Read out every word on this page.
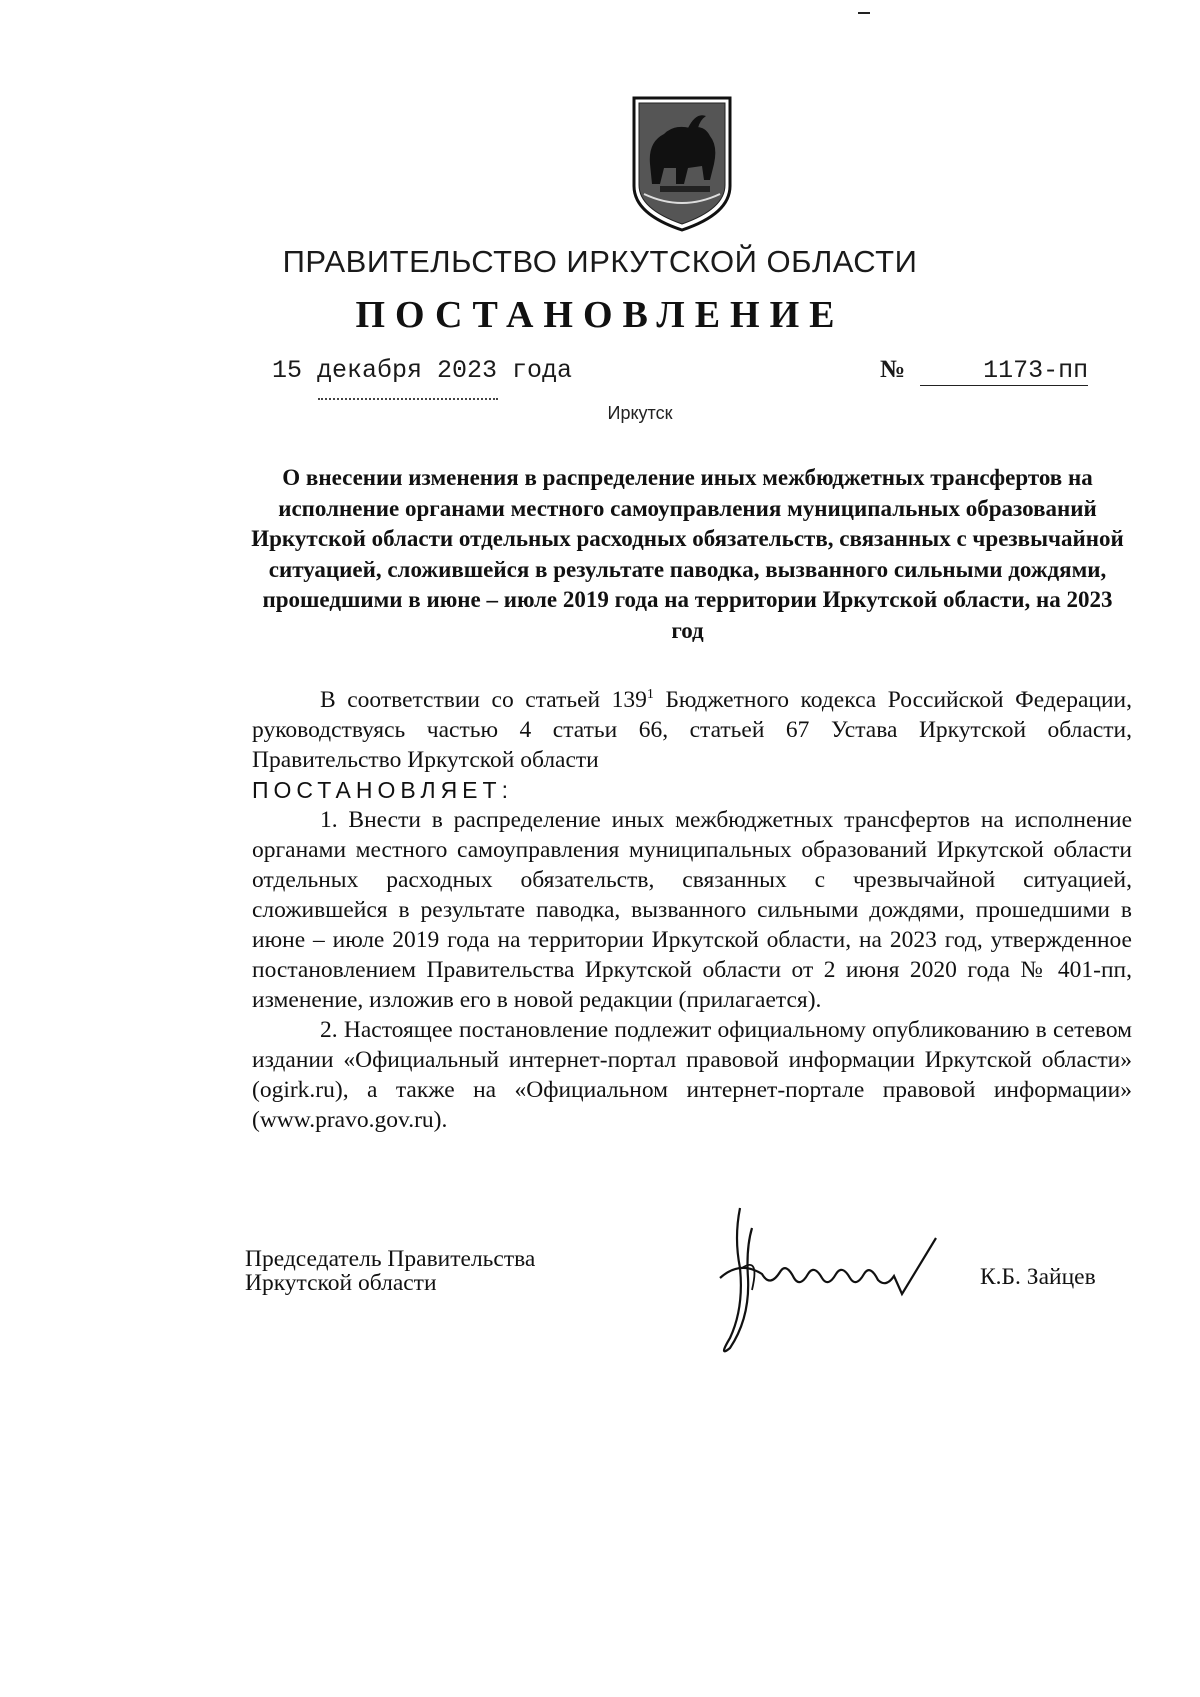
ПРАВИТЕЛЬСТВО ИРКУТСКОЙ ОБЛАСТИ
ПОСТАНОВЛЕНИЕ
15 декабря 2023 года	№	1173-пп
Иркутск
О внесении изменения в распределение иных межбюджетных трансфертов на исполнение органами местного самоуправления муниципальных образований Иркутской области отдельных расходных обязательств, связанных с чрезвычайной ситуацией, сложившейся в результате паводка, вызванного сильными дождями, прошедшими в июне – июле 2019 года на территории Иркутской области, на 2023 год

В соответствии со статьей $139^1$ Бюджетного кодекса Российской Федерации, руководствуясь частью 4 статьи 66, статьей 67 Устава Иркутской области, Правительство Иркутской области

ПОСТАНОВЛЯЕТ:

1. Внести в распределение иных межбюджетных трансфертов на исполнение органами местного самоуправления муниципальных образований Иркутской области отдельных расходных обязательств, связанных с чрезвычайной ситуацией, сложившейся в результате паводка, вызванного сильными дождями, прошедшими в июне – июле 2019 года на территории Иркутской области, на 2023 год, утвержденное постановлением Правительства Иркутской области от 2 июня 2020 года № 401-пп, изменение, изложив его в новой редакции (прилагается).

2. Настоящее постановление подлежит официальному опубликованию в сетевом издании «Официальный интернет-портал правовой информации Иркутской области» (ogirk.ru), а также на «Официальном интернет-портале правовой информации» (www.pravo.gov.ru).

Председатель Правительства
Иркутской области	К.Б. Зайцев
